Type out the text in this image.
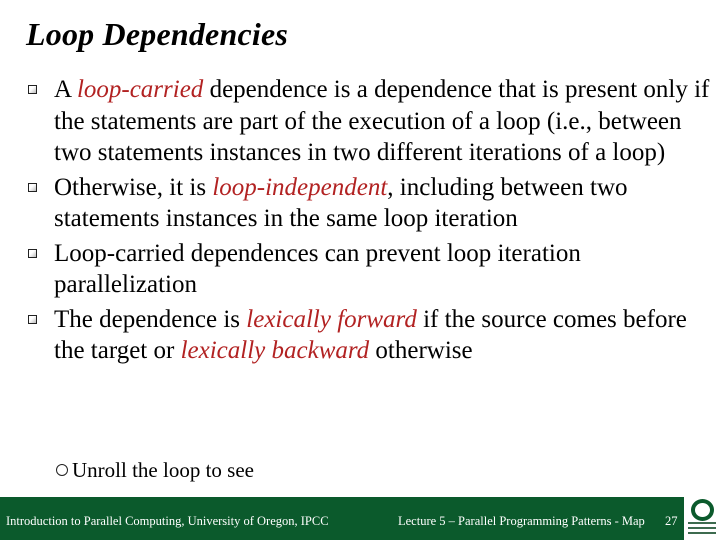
Loop Dependencies
A loop-carried dependence is a dependence that is present only if the statements are part of the execution of a loop (i.e., between two statements instances in two different iterations of a loop)
Otherwise, it is loop-independent, including between two statements instances in the same loop iteration
Loop-carried dependences can prevent loop iteration parallelization
The dependence is lexically forward if the source comes before the target or lexically backward otherwise
Unroll the loop to see
Introduction to Parallel Computing, University of Oregon, IPCC	Lecture 5 – Parallel Programming Patterns - Map 27
